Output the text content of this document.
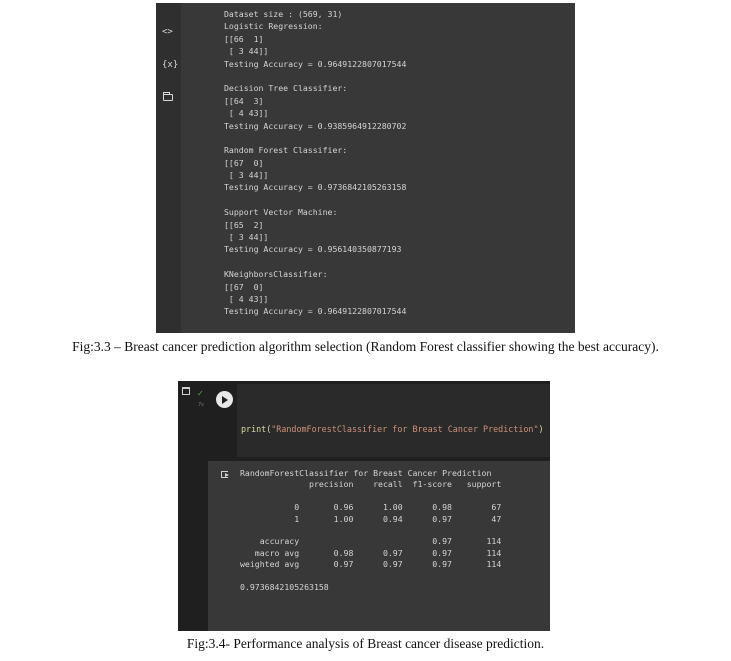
<>
{x}
Dataset size : (569, 31)
Logistic Regression:
[[66  1]
[ 3 44]]
Testing Accuracy = 0.9649122807017544
Decision Tree Classifier:
[[64  3]
[ 4 43]]
Testing Accuracy = 0.9385964912280702
Random Forest Classifier:
[[67  0]
[ 3 44]]
Testing Accuracy = 0.9736842105263158
Support Vector Machine:
[[65  2]
[ 3 44]]
Testing Accuracy = 0.956140350877193
KNeighborsClassifier:
[[67  0]
[ 4 43]]
Testing Accuracy = 0.9649122807017544
Fig:3.3 – Breast cancer prediction algorithm selection (Random Forest classifier showing the best accuracy).
✓
7s

print("RandomForestClassifier for Breast Cancer Prediction")

RandomForestClassifier for Breast Cancer Prediction
precision    recall  f1-score   support
0       0.96      1.00      0.98        67
1       1.00      0.94      0.97        47
accuracy                           0.97       114
macro avg       0.98      0.97      0.97       114
weighted avg       0.97      0.97      0.97       114
0.9736842105263158
Fig:3.4- Performance analysis of Breast cancer disease prediction.
